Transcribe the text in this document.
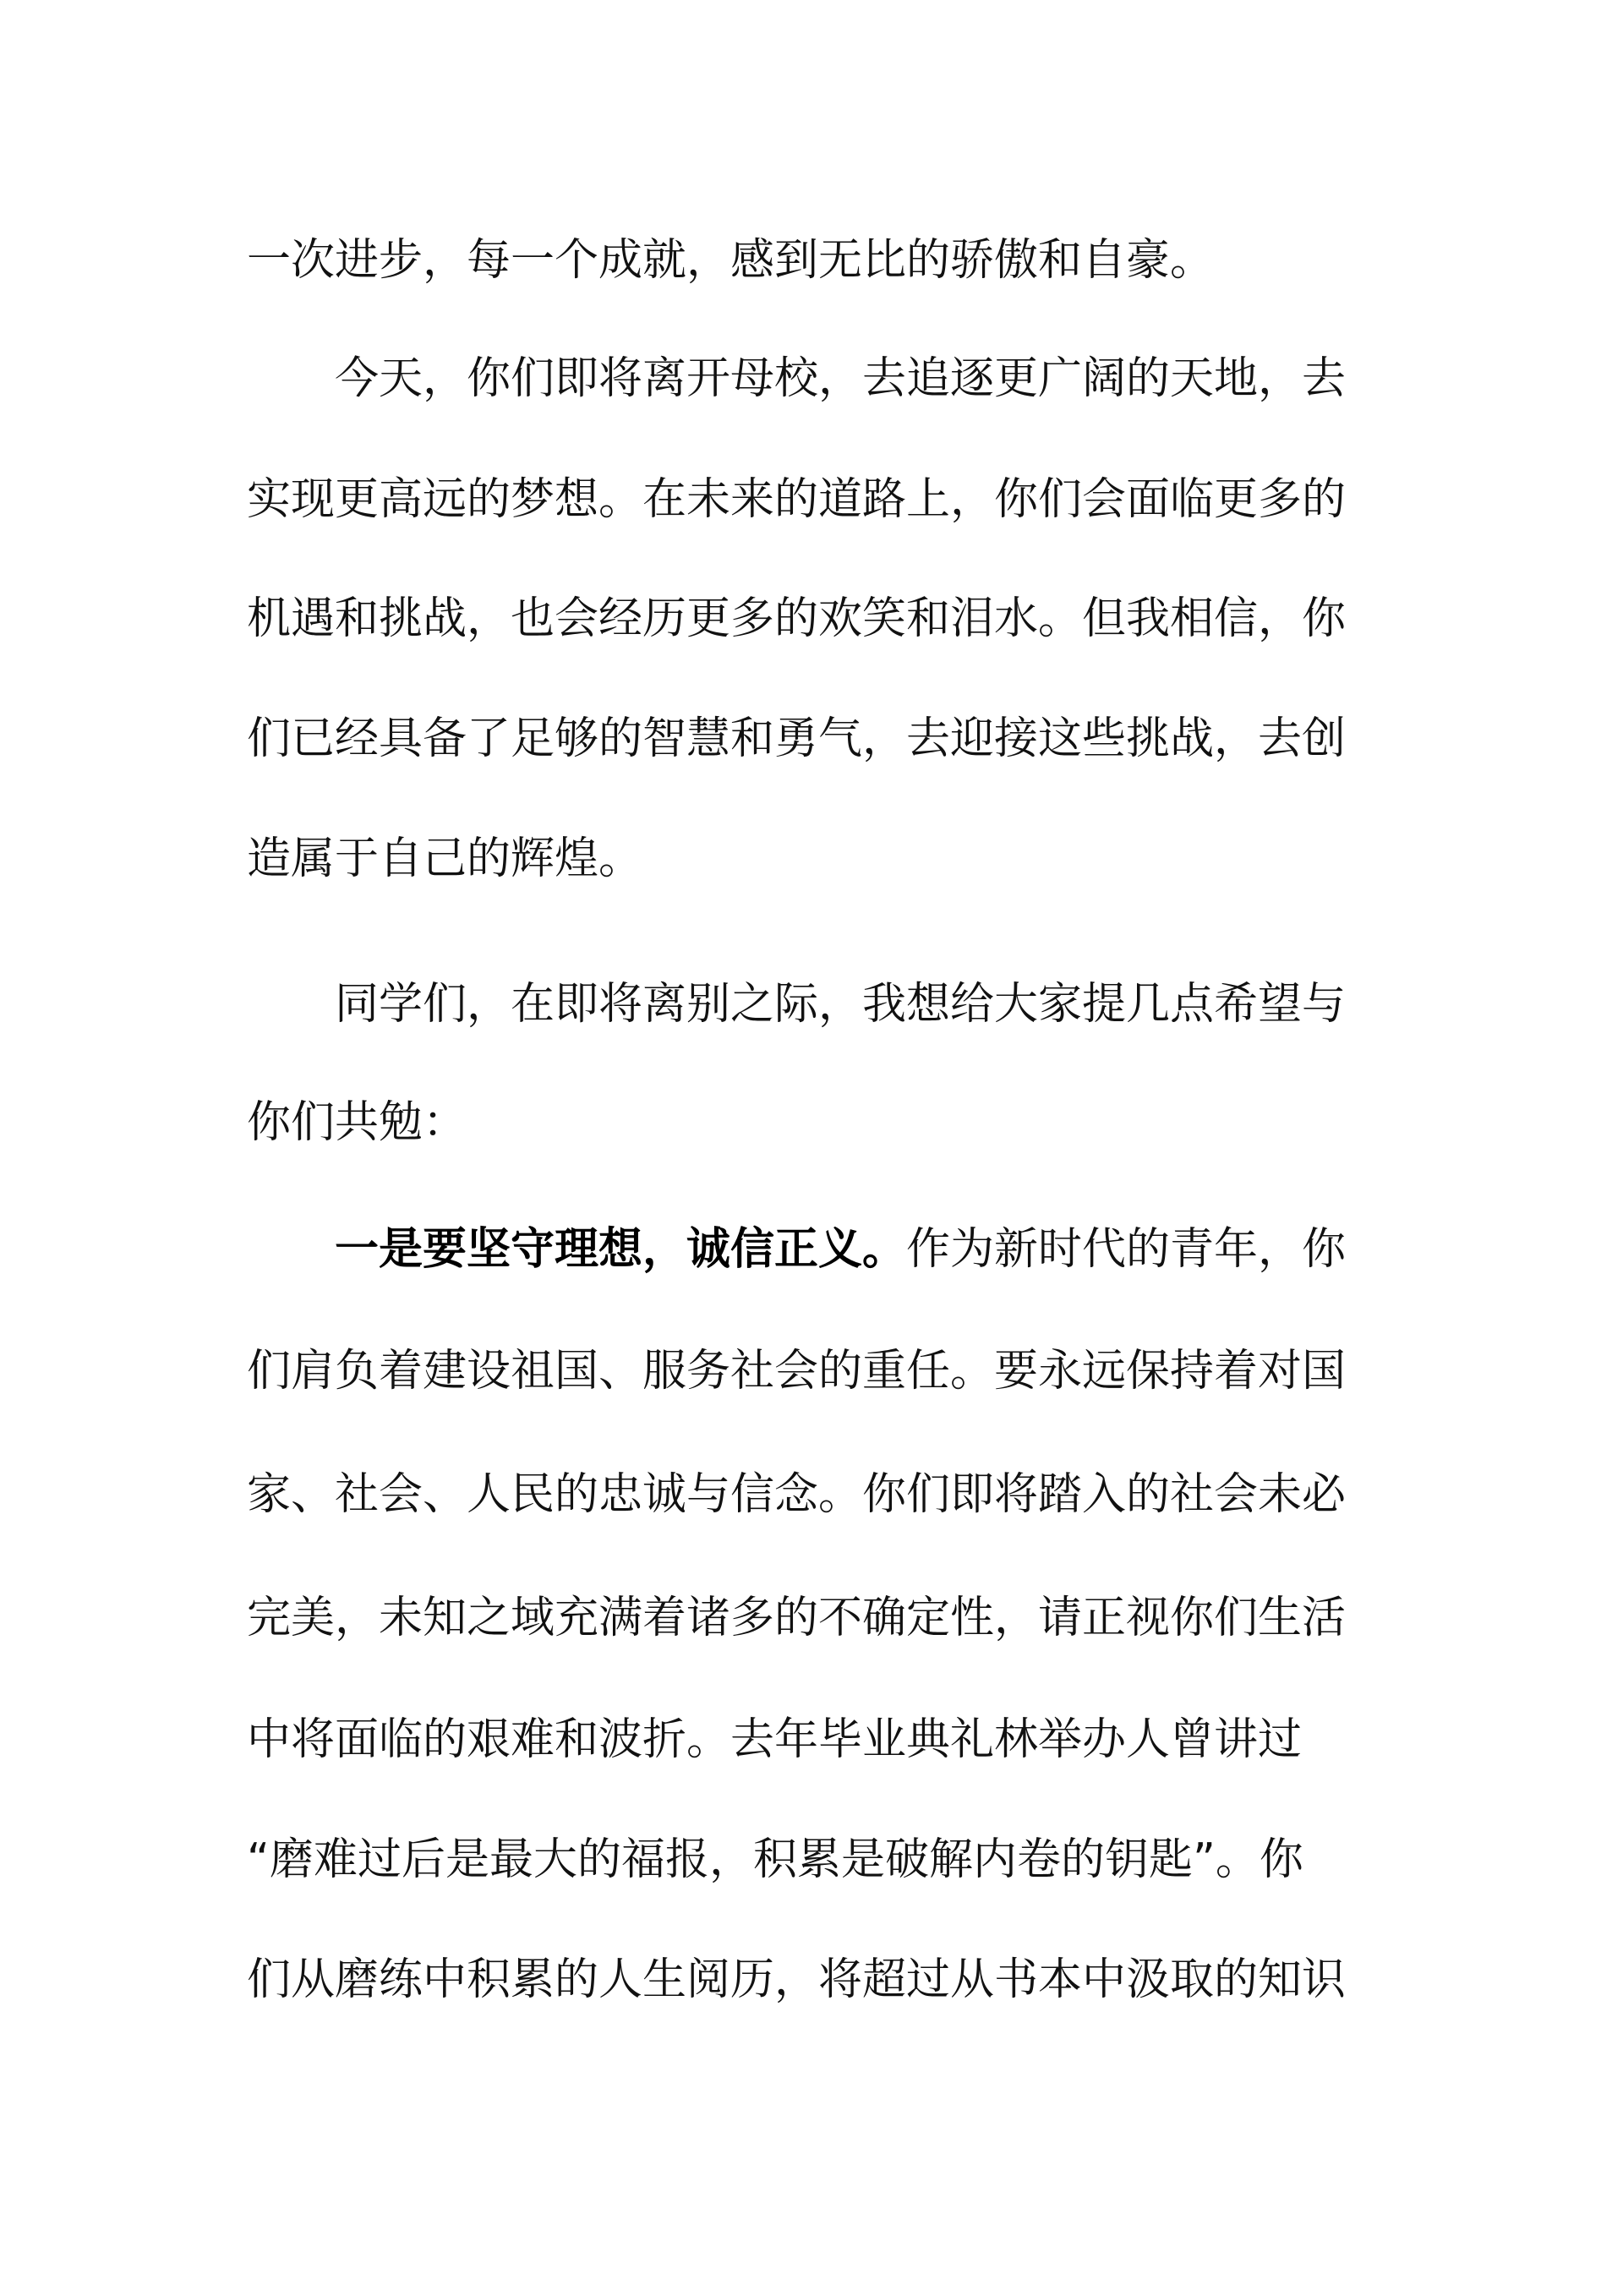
一次进步，每一个成就，感到无比的骄傲和自豪。
今天，你们即将离开母校，去追逐更广阔的天地，去
实现更高远的梦想。在未来的道路上，你们会面临更多的
机遇和挑战，也会经历更多的欢笑和泪水。但我相信，你
们已经具备了足够的智慧和勇气，去迎接这些挑战，去创
造属于自己的辉煌。
同学们，在即将离别之际，我想给大家提几点希望与
你们共勉：
一是要坚守理想，诚信正义。作为新时代的青年，你
们肩负着建设祖国、服务社会的重任。要永远保持着对国
家、社会、人民的忠诚与信念。你们即将踏入的社会未必
完美，未知之域充满着诸多的不确定性，请正视你们生活
中将面临的艰难和波折。去年毕业典礼林举办人曾讲过
“磨难过后是最大的福报，积累是破解内卷的钥匙”。你
们从磨练中积累的人生阅历，将超过从书本中汲取的知识
